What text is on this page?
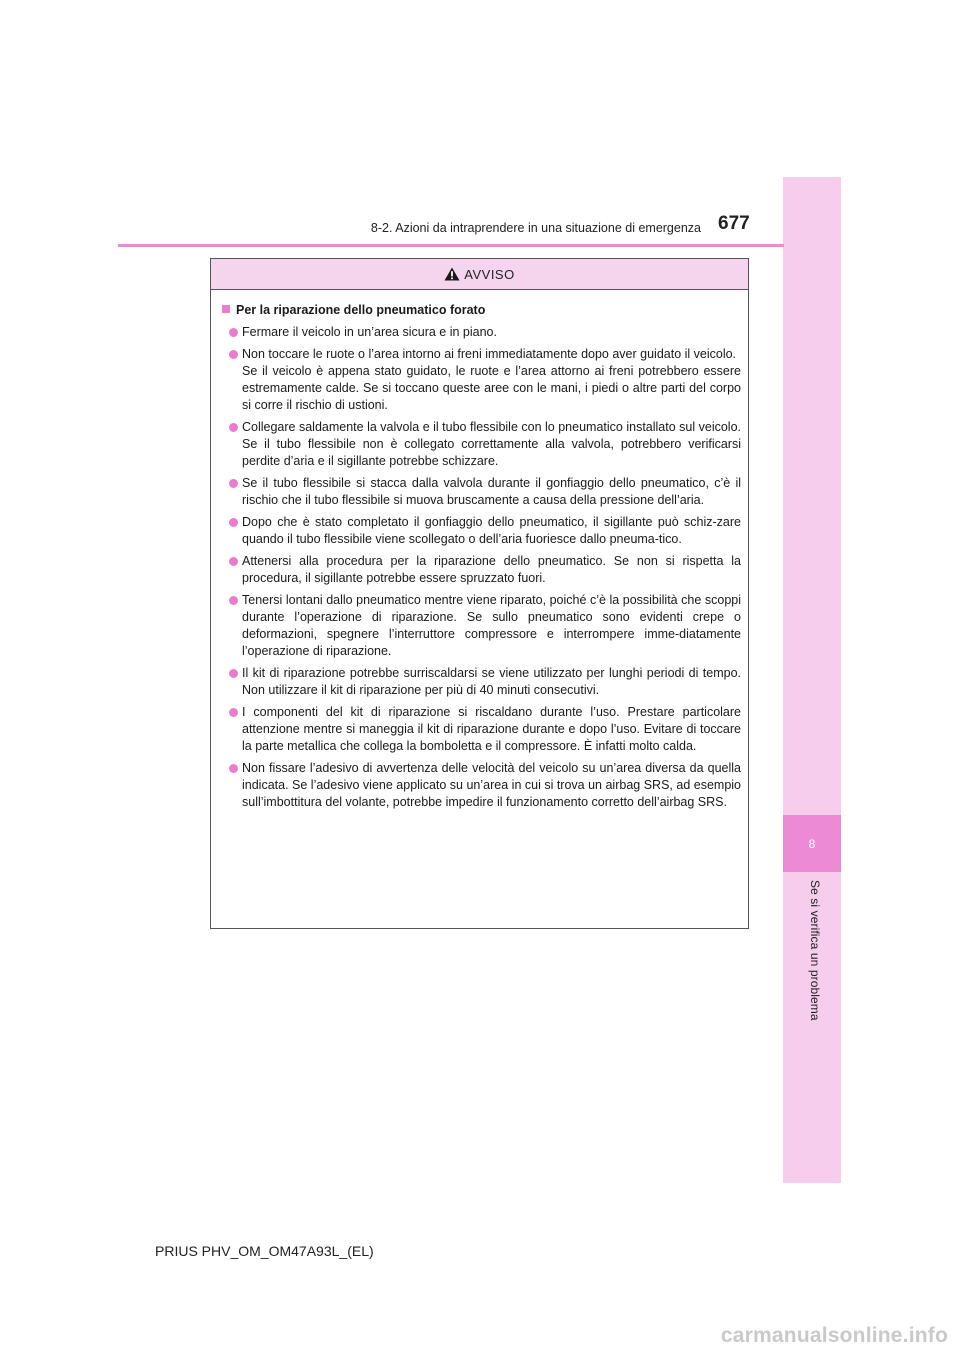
8
Se si verifica un problema
8-2. Azioni da intraprendere in una situazione di emergenza 677
AVVISO
Per la riparazione dello pneumatico forato
Fermare il veicolo in un’area sicura e in piano.
Non toccare le ruote o l’area intorno ai freni immediatamente dopo aver guidato il veicolo.
Se il veicolo è appena stato guidato, le ruote e l’area attorno ai freni potrebbero essere estremamente calde. Se si toccano queste aree con le mani, i piedi o altre parti del corpo si corre il rischio di ustioni.
Collegare saldamente la valvola e il tubo flessibile con lo pneumatico installato sul veicolo. Se il tubo flessibile non è collegato correttamente alla valvola, potrebbero verificarsi perdite d’aria e il sigillante potrebbe schizzare.
Se il tubo flessibile si stacca dalla valvola durante il gonfiaggio dello pneumatico, c’è il rischio che il tubo flessibile si muova bruscamente a causa della pressione dell’aria.
Dopo che è stato completato il gonfiaggio dello pneumatico, il sigillante può schiz-zare quando il tubo flessibile viene scollegato o dell’aria fuoriesce dallo pneuma-tico.
Attenersi alla procedura per la riparazione dello pneumatico. Se non si rispetta la procedura, il sigillante potrebbe essere spruzzato fuori.
Tenersi lontani dallo pneumatico mentre viene riparato, poiché c’è la possibilità che scoppi durante l’operazione di riparazione. Se sullo pneumatico sono evidenti crepe o deformazioni, spegnere l’interruttore compressore e interrompere imme-diatamente l’operazione di riparazione.
Il kit di riparazione potrebbe surriscaldarsi se viene utilizzato per lunghi periodi di tempo. Non utilizzare il kit di riparazione per più di 40 minuti consecutivi.
I componenti del kit di riparazione si riscaldano durante l’uso. Prestare particolare attenzione mentre si maneggia il kit di riparazione durante e dopo l’uso. Evitare di toccare la parte metallica che collega la bomboletta e il compressore. È infatti molto calda.
Non fissare l’adesivo di avvertenza delle velocità del veicolo su un’area diversa da quella indicata. Se l’adesivo viene applicato su un’area in cui si trova un airbag SRS, ad esempio sull’imbottitura del volante, potrebbe impedire il funzionamento corretto dell’airbag SRS.
PRIUS PHV_OM_OM47A93L_(EL)
carmanualsonline.info
